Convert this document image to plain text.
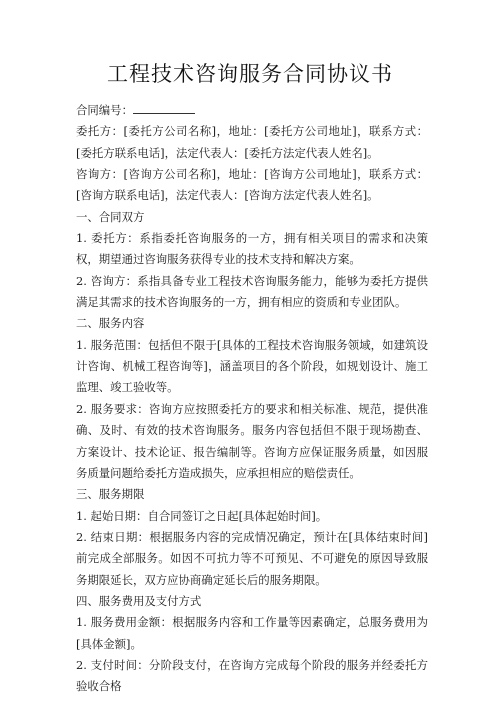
工程技术咨询服务合同协议书

合同编号：

委托方：[委托方公司名称]，地址：[委托方公司地址]，联系方式：[委托方联系电话]，法定代表人：[委托方法定代表人姓名]。

咨询方：[咨询方公司名称]，地址：[咨询方公司地址]，联系方式：[咨询方联系电话]，法定代表人：[咨询方法定代表人姓名]。

一、合同双方

1. 委托方：系指委托咨询服务的一方，拥有相关项目的需求和决策权，期望通过咨询服务获得专业的技术支持和解决方案。

2. 咨询方：系指具备专业工程技术咨询服务能力，能够为委托方提供满足其需求的技术咨询服务的一方，拥有相应的资质和专业团队。

二、服务内容

1. 服务范围：包括但不限于[具体的工程技术咨询服务领域，如建筑设计咨询、机械工程咨询等]，涵盖项目的各个阶段，如规划设计、施工监理、竣工验收等。

2. 服务要求：咨询方应按照委托方的要求和相关标准、规范，提供准确、及时、有效的技术咨询服务。服务内容包括但不限于现场勘查、方案设计、技术论证、报告编制等。咨询方应保证服务质量，如因服务质量问题给委托方造成损失，应承担相应的赔偿责任。

三、服务期限

1. 起始日期：自合同签订之日起[具体起始时间]。

2. 结束日期：根据服务内容的完成情况确定，预计在[具体结束时间]前完成全部服务。如因不可抗力等不可预见、不可避免的原因导致服务期限延长，双方应协商确定延长后的服务期限。

四、服务费用及支付方式

1. 服务费用金额：根据服务内容和工作量等因素确定，总服务费用为[具体金额]。

2. 支付时间：分阶段支付，在咨询方完成每个阶段的服务并经委托方验收合格
